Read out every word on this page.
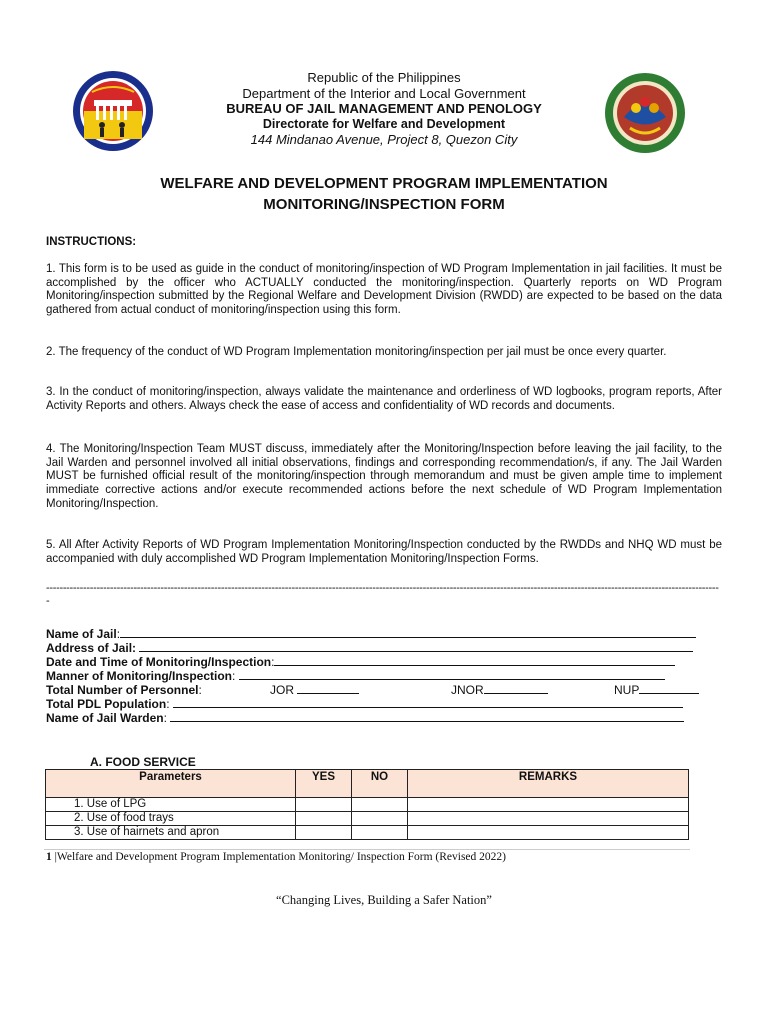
Republic of the Philippines
Department of the Interior and Local Government
BUREAU OF JAIL MANAGEMENT AND PENOLOGY
Directorate for Welfare and Development
144 Mindanao Avenue, Project 8, Quezon City
WELFARE AND DEVELOPMENT PROGRAM IMPLEMENTATION
MONITORING/INSPECTION FORM
INSTRUCTIONS:
1. This form is to be used as guide in the conduct of monitoring/inspection of WD Program Implementation in jail facilities. It must be accomplished by the officer who ACTUALLY conducted the monitoring/inspection. Quarterly reports on WD Program Monitoring/inspection submitted by the Regional Welfare and Development Division (RWDD) are expected to be based on the data gathered from actual conduct of monitoring/inspection using this form.
2. The frequency of the conduct of WD Program Implementation monitoring/inspection per jail must be once every quarter.
3. In the conduct of monitoring/inspection, always validate the maintenance and orderliness of WD logbooks, program reports, After Activity Reports and others. Always check the ease of access and confidentiality of WD records and documents.
4. The Monitoring/Inspection Team MUST discuss, immediately after the Monitoring/Inspection before leaving the jail facility, to the Jail Warden and personnel involved all initial observations, findings and corresponding recommendation/s, if any. The Jail Warden MUST be furnished official result of the monitoring/inspection through memorandum and must be given ample time to implement immediate corrective actions and/or execute recommended actions before the next schedule of WD Program Implementation Monitoring/Inspection.
5. All After Activity Reports of WD Program Implementation Monitoring/Inspection conducted by the RWDDs and NHQ WD must be accompanied with duly accomplished WD Program Implementation Monitoring/Inspection Forms.
--------------------------------------------------------------------------------------------------------------------------------------------------------------------------------------------------------
-
Name of Jail:
Address of Jail:
Date and Time of Monitoring/Inspection:
Manner of Monitoring/Inspection:
Total Number of Personnel:	JOR	JNOR	NUP
Total PDL Population:
Name of Jail Warden:
A. FOOD SERVICE
Parameters	YES	NO	REMARKS
1. Use of LPG			
2. Use of food trays			
3. Use of hairnets and apron			
1 |Welfare and Development Program Implementation Monitoring/ Inspection Form (Revised 2022)
“Changing Lives, Building a Safer Nation”
